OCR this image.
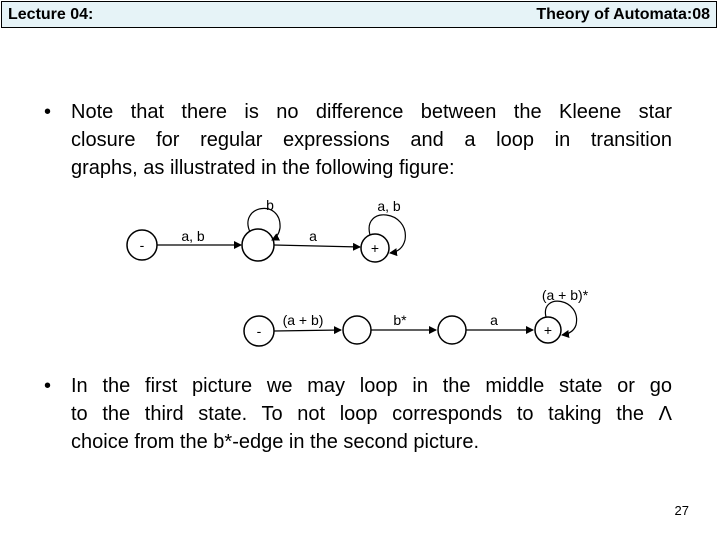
Lecture 04:	Theory of Automata:08
• Note that there is no difference between the Kleene star
closure for regular expressions and a loop in transition
graphs, as illustrated in the following figure:
-	+
a, b	a
b	a, b
-	+
(a + b)	b*	a
(a + b)*
• In the first picture we may loop in the middle state or go
to the third state. To not loop corresponds to taking the Λ
choice from the b*-edge in the second picture.
27
